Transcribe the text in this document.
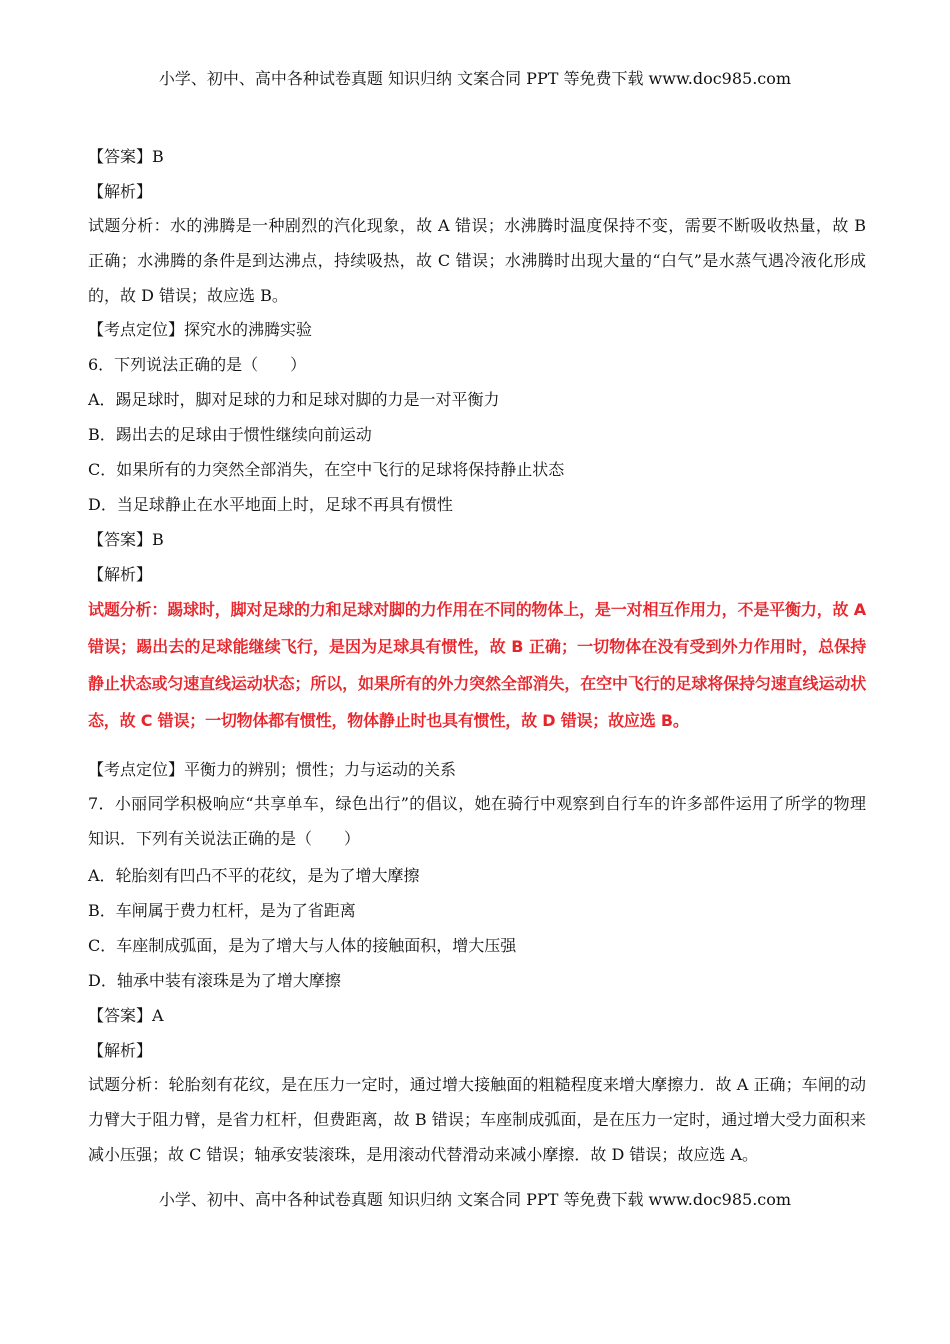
小学、初中、高中各种试卷真题 知识归纳 文案合同 PPT 等免费下载 www.doc985.com

【答案】B

【解析】

试题分析：水的沸腾是一种剧烈的汽化现象，故 A 错误；水沸腾时温度保持不变，需要不断吸收热量，故 B 正确；水沸腾的条件是到达沸点，持续吸热，故 C 错误；水沸腾时出现大量的“白气”是水蒸气遇冷液化形成的，故 D 错误；故应选 B。

【考点定位】探究水的沸腾实验

6．下列说法正确的是（　　）

A．踢足球时，脚对足球的力和足球对脚的力是一对平衡力

B．踢出去的足球由于惯性继续向前运动

C．如果所有的力突然全部消失，在空中飞行的足球将保持静止状态

D．当足球静止在水平地面上时，足球不再具有惯性

【答案】B

【解析】

试题分析：踢球时，脚对足球的力和足球对脚的力作用在不同的物体上，是一对相互作用力，不是平衡力，故 A 错误；踢出去的足球能继续飞行，是因为足球具有惯性，故 B 正确；一切物体在没有受到外力作用时，总保持静止状态或匀速直线运动状态；所以，如果所有的外力突然全部消失，在空中飞行的足球将保持匀速直线运动状态，故 C 错误；一切物体都有惯性，物体静止时也具有惯性，故 D 错误；故应选 B。

【考点定位】平衡力的辨别；惯性；力与运动的关系

7．小丽同学积极响应“共享单车，绿色出行”的倡议，她在骑行中观察到自行车的许多部件运用了所学的物理知识．下列有关说法正确的是（　　）

A．轮胎刻有凹凸不平的花纹，是为了增大摩擦

B．车闸属于费力杠杆，是为了省距离

C．车座制成弧面，是为了增大与人体的接触面积，增大压强

D．轴承中装有滚珠是为了增大摩擦

【答案】A

【解析】

试题分析：轮胎刻有花纹，是在压力一定时，通过增大接触面的粗糙程度来增大摩擦力．故 A 正确；车闸的动力臂大于阻力臂，是省力杠杆，但费距离，故 B 错误；车座制成弧面，是在压力一定时，通过增大受力面积来减小压强；故 C 错误；轴承安装滚珠，是用滚动代替滑动来减小摩擦．故 D 错误；故应选 A。

小学、初中、高中各种试卷真题 知识归纳 文案合同 PPT 等免费下载 www.doc985.com
